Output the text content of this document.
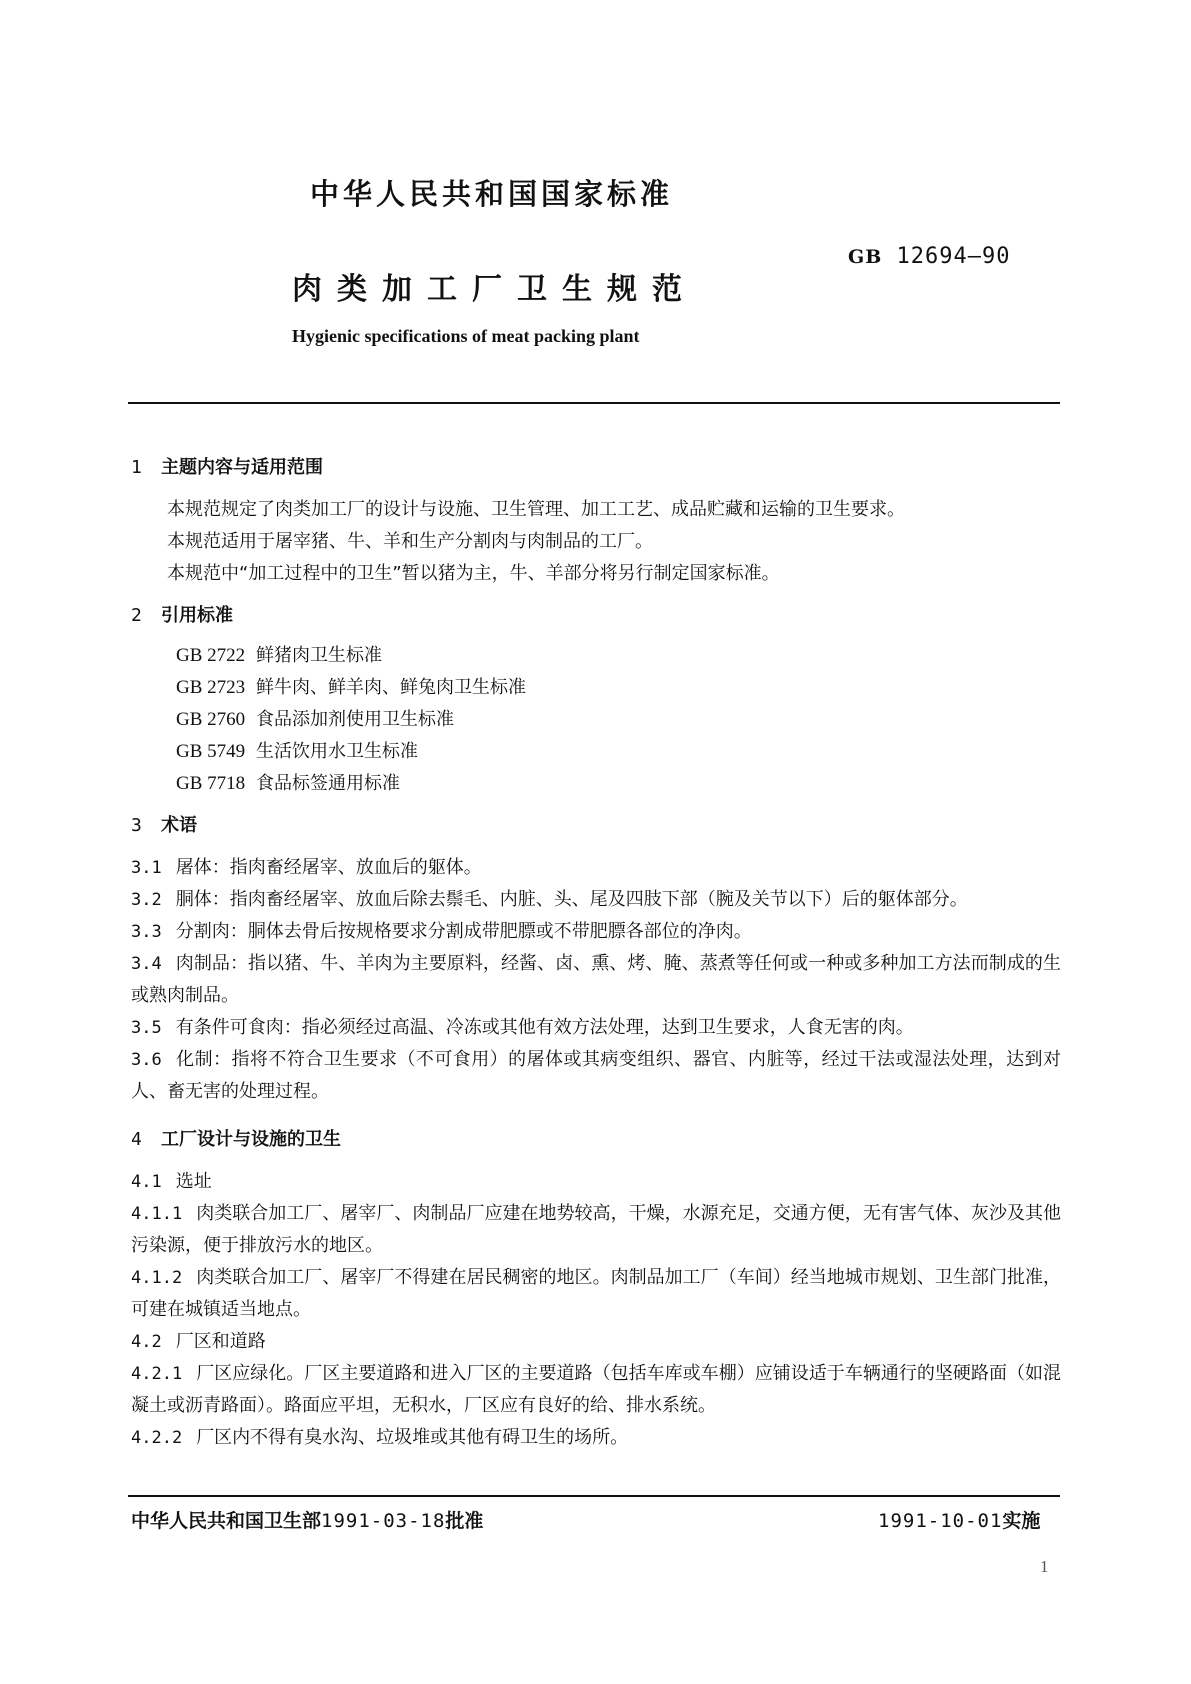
中华人民共和国国家标准
GB 12694—90
肉类加工厂卫生规范
Hygienic specifications of meat packing plant
1	主题内容与适用范围

本规范规定了肉类加工厂的设计与设施、卫生管理、加工工艺、成品贮藏和运输的卫生要求。

本规范适用于屠宰猪、牛、羊和生产分割肉与肉制品的工厂。

本规范中“加工过程中的卫生”暂以猪为主，牛、羊部分将另行制定国家标准。

2	引用标准
GB 2722 鲜猪肉卫生标准
GB 2723 鲜牛肉、鲜羊肉、鲜兔肉卫生标准
GB 2760 食品添加剂使用卫生标准
GB 5749 生活饮用水卫生标准
GB 7718 食品标签通用标准
3	术语

3.1 屠体：指肉畜经屠宰、放血后的躯体。

3.2 胴体：指肉畜经屠宰、放血后除去鬃毛、内脏、头、尾及四肢下部（腕及关节以下）后的躯体部分。

3.3 分割肉：胴体去骨后按规格要求分割成带肥膘或不带肥膘各部位的净肉。

3.4 肉制品：指以猪、牛、羊肉为主要原料，经酱、卤、熏、烤、腌、蒸煮等任何或一种或多种加工方法而制成的生或熟肉制品。

3.5 有条件可食肉：指必须经过高温、冷冻或其他有效方法处理，达到卫生要求，人食无害的肉。

3.6 化制：指将不符合卫生要求（不可食用）的屠体或其病变组织、器官、内脏等，经过干法或湿法处理，达到对人、畜无害的处理过程。

4	工厂设计与设施的卫生

4.1 选址

4.1.1 肉类联合加工厂、屠宰厂、肉制品厂应建在地势较高，干燥，水源充足，交通方便，无有害气体、灰沙及其他污染源，便于排放污水的地区。

4.1.2 肉类联合加工厂、屠宰厂不得建在居民稠密的地区。肉制品加工厂（车间）经当地城市规划、卫生部门批准，可建在城镇适当地点。

4.2 厂区和道路

4.2.1 厂区应绿化。厂区主要道路和进入厂区的主要道路（包括车库或车棚）应铺设适于车辆通行的坚硬路面（如混凝土或沥青路面）。路面应平坦，无积水，厂区应有良好的给、排水系统。

4.2.2 厂区内不得有臭水沟、垃圾堆或其他有碍卫生的场所。

中华人民共和国卫生部1991-03-18批准	1991-10-01实施
1
